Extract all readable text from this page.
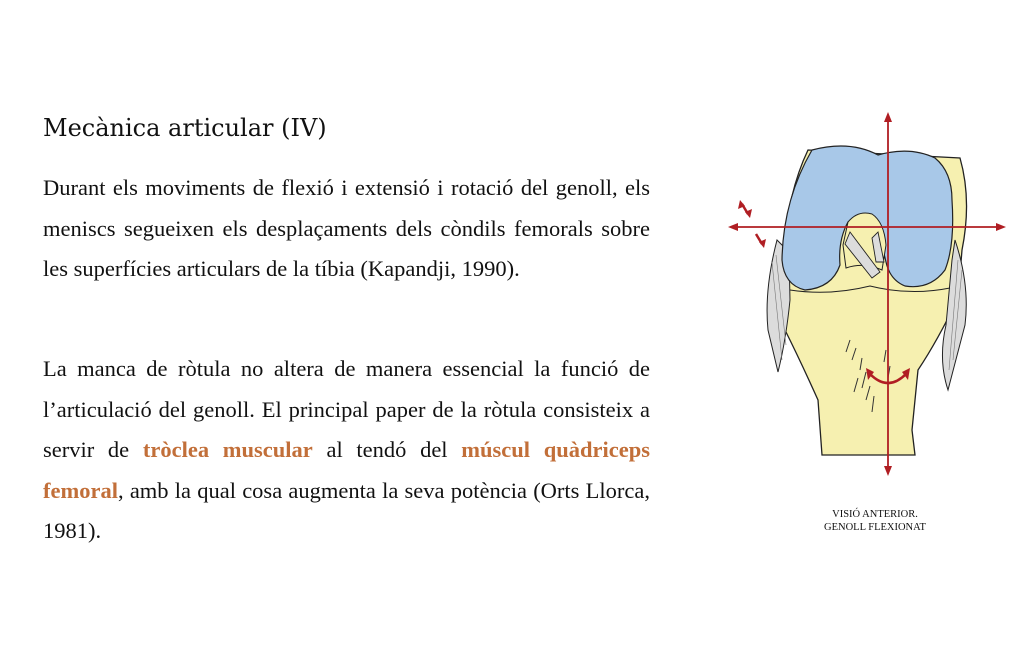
Mecànica articular (IV)

Durant els moviments de flexió i extensió i rotació del genoll, els meniscs segueixen els desplaçaments dels còndils femorals sobre les superfícies articulars de la tíbia (Kapandji, 1990).

La manca de ròtula no altera de manera essencial la funció de l’articulació del genoll. El principal paper de la ròtula consisteix a servir de tròclea muscular al tendó del múscul quàdriceps femoral, amb la qual cosa augmenta la seva potència (Orts Llorca, 1981).

VISIÓ ANTERIOR.
GENOLL FLEXIONAT
